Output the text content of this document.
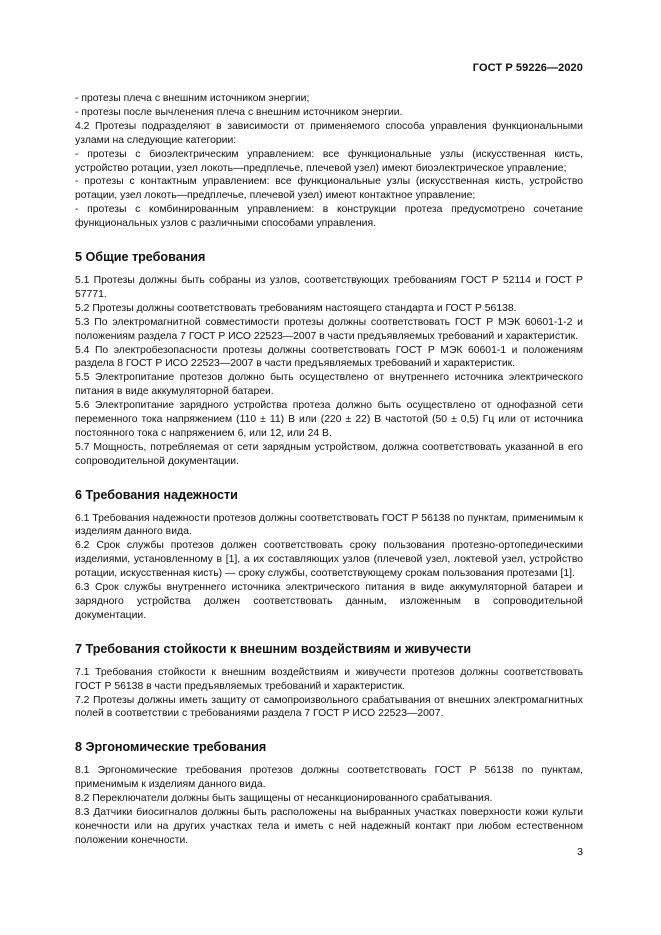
ГОСТ Р 59226—2020

- протезы плеча с внешним источником энергии;

- протезы после вычленения плеча с внешним источником энергии.

4.2 Протезы подразделяют в зависимости от применяемого способа управления функциональными узлами на следующие категории:

- протезы с биоэлектрическим управлением: все функциональные узлы (искусственная кисть, устройство ротации, узел локоть—предплечье, плечевой узел) имеют биоэлектрическое управление;

- протезы с контактным управлением: все функциональные узлы (искусственная кисть, устройство ротации, узел локоть—предплечье, плечевой узел) имеют контактное управление;

- протезы с комбинированным управлением: в конструкции протеза предусмотрено сочетание функциональных узлов с различными способами управления.

5 Общие требования

5.1 Протезы должны быть собраны из узлов, соответствующих требованиям ГОСТ Р 52114 и ГОСТ Р 57771.

5.2 Протезы должны соответствовать требованиям настоящего стандарта и ГОСТ Р 56138.

5.3 По электромагнитной совместимости протезы должны соответствовать ГОСТ Р МЭК 60601-1-2 и положениям раздела 7 ГОСТ Р ИСО 22523—2007 в части предъявляемых требований и характеристик.

5.4 По электробезопасности протезы должны соответствовать ГОСТ Р МЭК 60601-1 и положениям раздела 8 ГОСТ Р ИСО 22523—2007 в части предъявляемых требований и характеристик.

5.5 Электропитание протезов должно быть осуществлено от внутреннего источника электрического питания в виде аккумуляторной батареи.

5.6 Электропитание зарядного устройства протеза должно быть осуществлено от однофазной сети переменного тока напряжением (110 ± 11) В или (220 ± 22) В частотой (50 ± 0,5) Гц или от источника постоянного тока с напряжением 6, или 12, или 24 В.

5.7 Мощность, потребляемая от сети зарядным устройством, должна соответствовать указанной в его сопроводительной документации.

6 Требования надежности

6.1 Требования надежности протезов должны соответствовать ГОСТ Р 56138 по пунктам, применимым к изделиям данного вида.

6.2 Срок службы протезов должен соответствовать сроку пользования протезно-ортопедическими изделиями, установленному в [1], а их составляющих узлов (плечевой узел, локтевой узел, устройство ротации, искусственная кисть) — сроку службы, соответствующему срокам пользования протезами [1].

6.3 Срок службы внутреннего источника электрического питания в виде аккумуляторной батареи и зарядного устройства должен соответствовать данным, изложенным в сопроводительной документации.

7 Требования стойкости к внешним воздействиям и живучести

7.1 Требования стойкости к внешним воздействиям и живучести протезов должны соответствовать ГОСТ Р 56138 в части предъявляемых требований и характеристик.

7.2 Протезы должны иметь защиту от самопроизвольного срабатывания от внешних электромагнитных полей в соответствии с требованиями раздела 7 ГОСТ Р ИСО 22523—2007.

8 Эргономические требования

8.1 Эргономические требования протезов должны соответствовать ГОСТ Р 56138 по пунктам, применимым к изделиям данного вида.

8.2 Переключатели должны быть защищены от несанкционированного срабатывания.

8.3 Датчики биосигналов должны быть расположены на выбранных участках поверхности кожи культи конечности или на других участках тела и иметь с ней надежный контакт при любом естественном положении конечности.

3
